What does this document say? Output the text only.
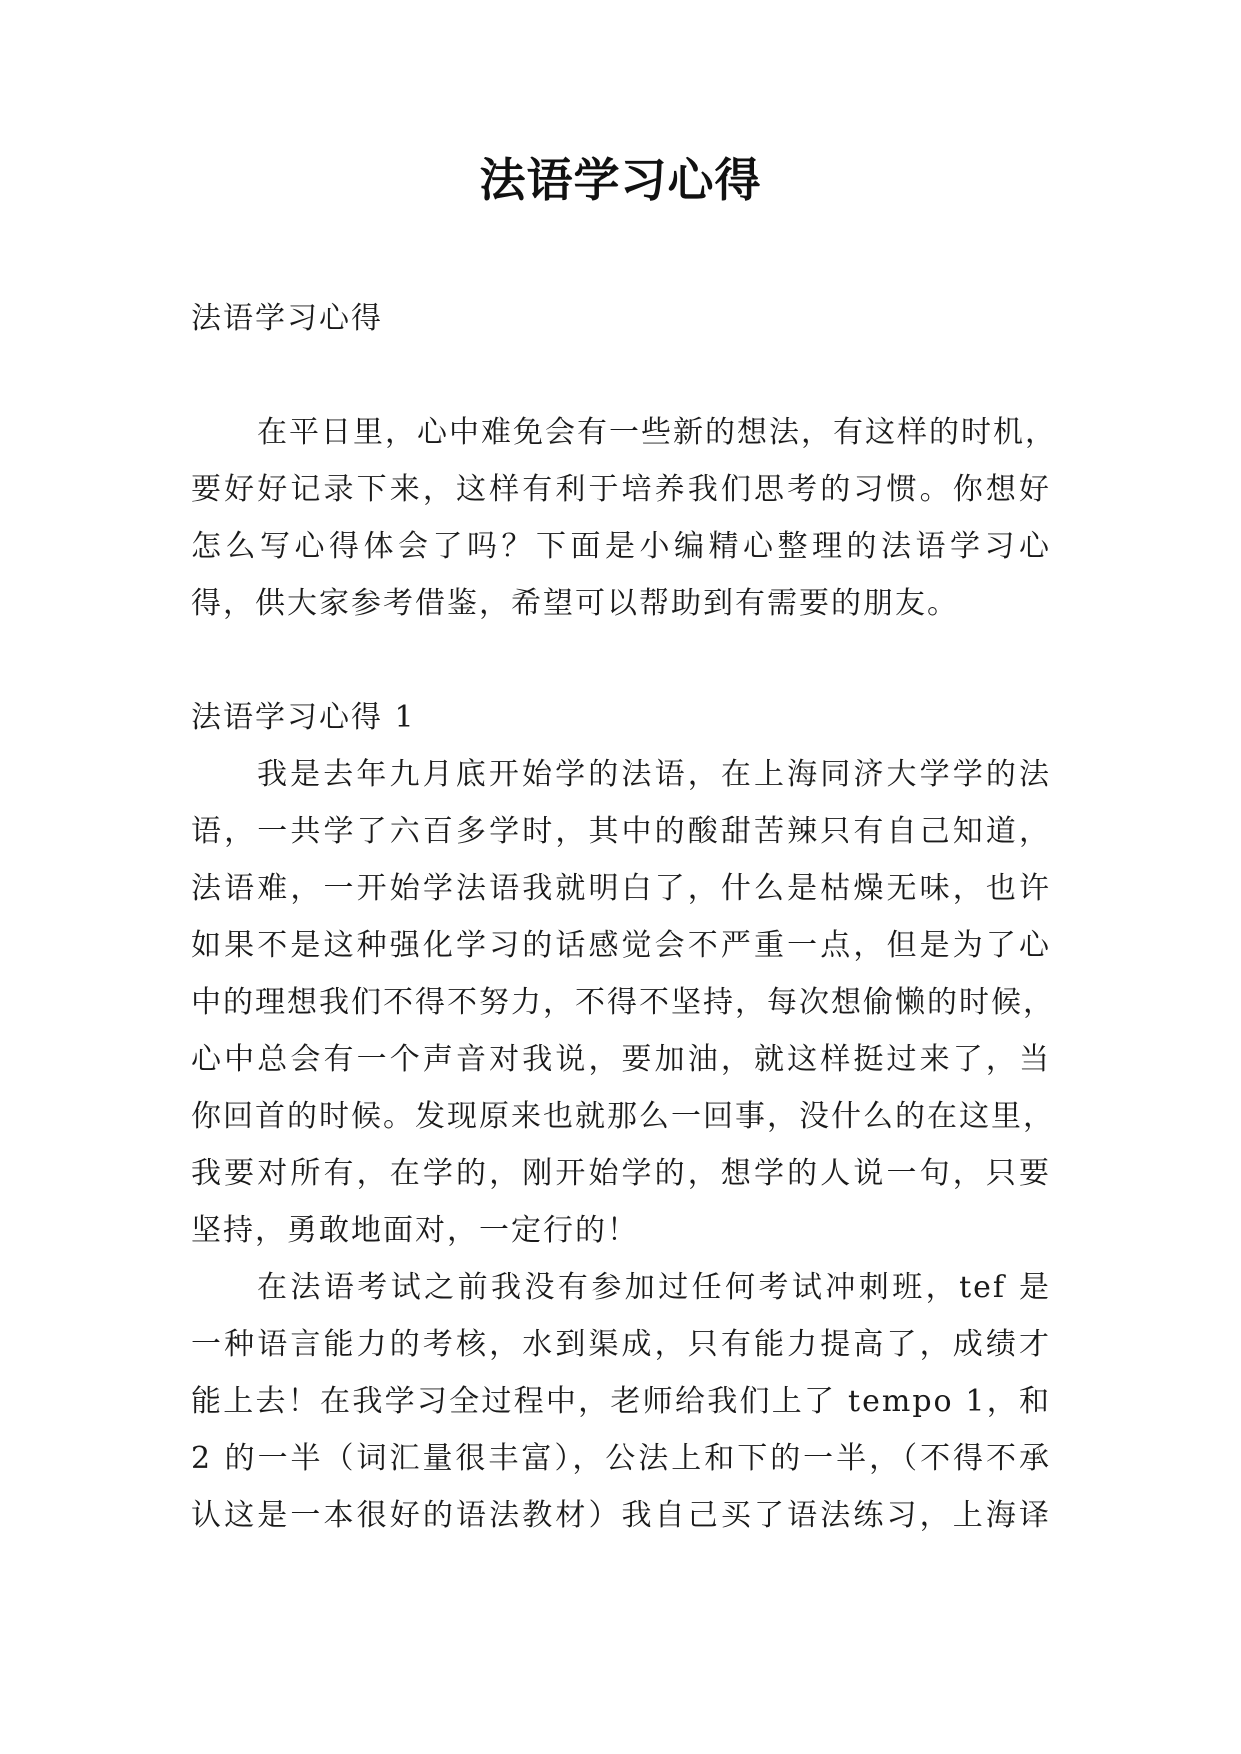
法语学习心得
法语学习心得
在平日里，心中难免会有一些新的想法，有这样的时机，
要好好记录下来，这样有利于培养我们思考的习惯。你想好
怎么写心得体会了吗？下面是小编精心整理的法语学习心
得，供大家参考借鉴，希望可以帮助到有需要的朋友。
法语学习心得 1
我是去年九月底开始学的法语，在上海同济大学学的法
语，一共学了六百多学时，其中的酸甜苦辣只有自己知道，
法语难，一开始学法语我就明白了，什么是枯燥无味，也许
如果不是这种强化学习的话感觉会不严重一点，但是为了心
中的理想我们不得不努力，不得不坚持，每次想偷懒的时候，
心中总会有一个声音对我说，要加油，就这样挺过来了，当
你回首的时候。发现原来也就那么一回事，没什么的在这里，
我要对所有，在学的，刚开始学的，想学的人说一句，只要
坚持，勇敢地面对，一定行的！
在法语考试之前我没有参加过任何考试冲刺班，tef 是
一种语言能力的考核，水到渠成，只有能力提高了，成绩才
能上去！在我学习全过程中，老师给我们上了 tempo 1，和
2 的一半（词汇量很丰富），公法上和下的一半，（不得不承
认这是一本很好的语法教材）我自己买了语法练习，上海译
